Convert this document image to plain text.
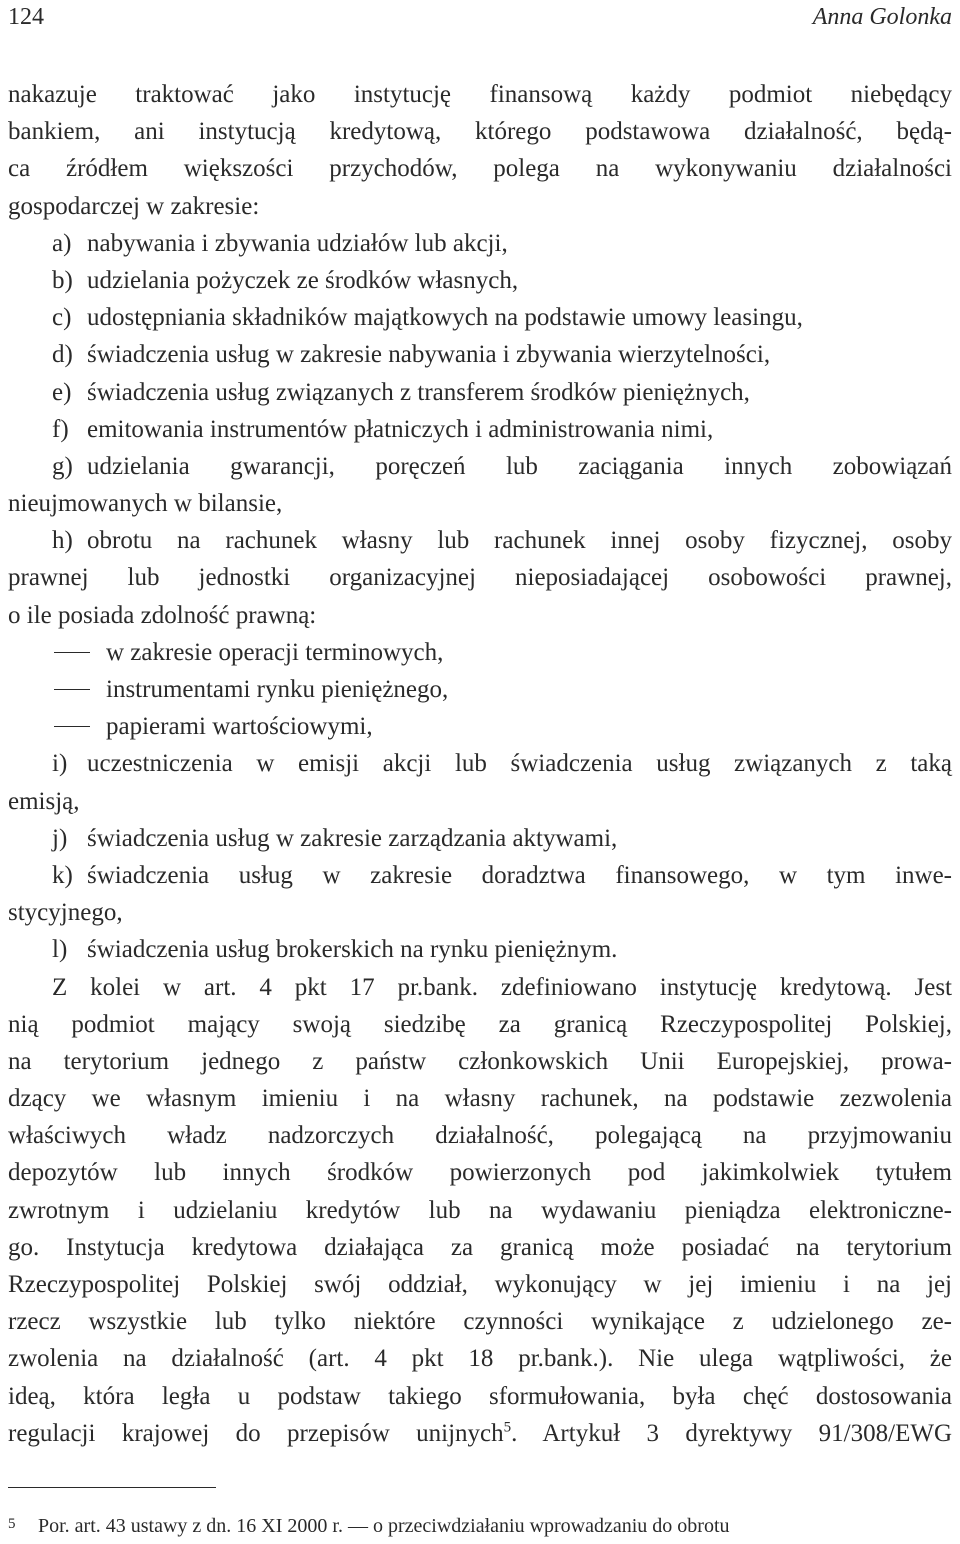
124	Anna Golonka
nakazuje traktować jako instytucję finansową każdy podmiot niebędący
bankiem, ani instytucją kredytową, którego podstawowa działalność, będą-
ca źródłem większości przychodów, polega na wykonywaniu działalności
gospodarczej w zakresie:
a) nabywania i zbywania udziałów lub akcji,
b) udzielania pożyczek ze środków własnych,
c) udostępniania składników majątkowych na podstawie umowy leasingu,
d) świadczenia usług w zakresie nabywania i zbywania wierzytelności,
e) świadczenia usług związanych z transferem środków pieniężnych,
f) emitowania instrumentów płatniczych i administrowania nimi,
g) udzielania gwarancji, poręczeń lub zaciągania innych zobowiązań
nieujmowanych w bilansie,
h) obrotu na rachunek własny lub rachunek innej osoby fizycznej, osoby
prawnej lub jednostki organizacyjnej nieposiadającej osobowości prawnej,
o ile posiada zdolność prawną:
w zakresie operacji terminowych,
instrumentami rynku pieniężnego,
papierami wartościowymi,
i) uczestniczenia w emisji akcji lub świadczenia usług związanych z taką
emisją,
j) świadczenia usług w zakresie zarządzania aktywami,
k) świadczenia usług w zakresie doradztwa finansowego, w tym inwe-
stycyjnego,
l) świadczenia usług brokerskich na rynku pieniężnym.
Z kolei w art. 4 pkt 17 pr.bank. zdefiniowano instytucję kredytową. Jest
nią podmiot mający swoją siedzibę za granicą Rzeczypospolitej Polskiej,
na terytorium jednego z państw członkowskich Unii Europejskiej, prowa-
dzący we własnym imieniu i na własny rachunek, na podstawie zezwolenia
właściwych władz nadzorczych działalność, polegającą na przyjmowaniu
depozytów lub innych środków powierzonych pod jakimkolwiek tytułem
zwrotnym i udzielaniu kredytów lub na wydawaniu pieniądza elektroniczne-
go. Instytucja kredytowa działająca za granicą może posiadać na terytorium
Rzeczypospolitej Polskiej swój oddział, wykonujący w jej imieniu i na jej
rzecz wszystkie lub tylko niektóre czynności wynikające z udzielonego ze-
zwolenia na działalność (art. 4 pkt 18 pr.bank.). Nie ulega wątpliwości, że
ideą, która legła u podstaw takiego sformułowania, była chęć dostosowania
regulacji krajowej do przepisów unijnych$^5$. Artykuł 3 dyrektywy 91/308/EWG
5 Por. art. 43 ustawy z dn. 16 XI 2000 r. — o przeciwdziałaniu wprowadzaniu do obrotu
